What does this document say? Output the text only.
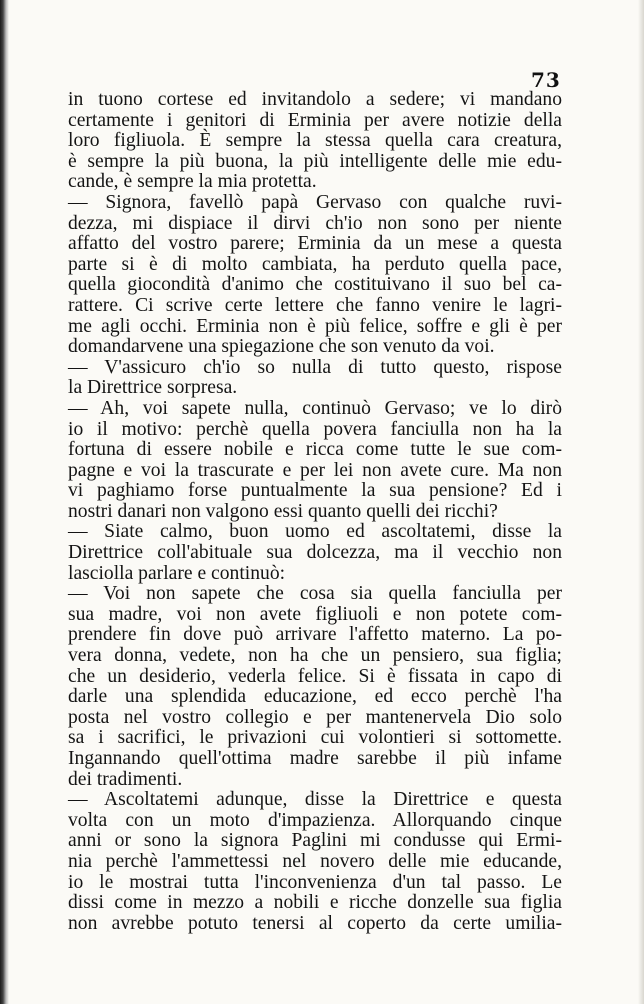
73
in tuono cortese ed invitandolo a sedere; vi mandano
certamente i genitori di Erminia per avere notizie della
loro figliuola. È sempre la stessa quella cara creatura,
è sempre la più buona, la più intelligente delle mie edu-
cande, è sempre la mia protetta.
— Signora, favellò papà Gervaso con qualche ruvi-
dezza, mi dispiace il dirvi ch'io non sono per niente
affatto del vostro parere; Erminia da un mese a questa
parte si è di molto cambiata, ha perduto quella pace,
quella giocondità d'animo che costituivano il suo bel ca-
rattere. Ci scrive certe lettere che fanno venire le lagri-
me agli occhi. Erminia non è più felice, soffre e gli è per
domandarvene una spiegazione che son venuto da voi.
— V'assicuro ch'io so nulla di tutto questo, rispose
la Direttrice sorpresa.
— Ah, voi sapete nulla, continuò Gervaso; ve lo dirò
io il motivo: perchè quella povera fanciulla non ha la
fortuna di essere nobile e ricca come tutte le sue com-
pagne e voi la trascurate e per lei non avete cure. Ma non
vi paghiamo forse puntualmente la sua pensione? Ed i
nostri danari non valgono essi quanto quelli dei ricchi?
— Siate calmo, buon uomo ed ascoltatemi, disse la
Direttrice coll'abituale sua dolcezza, ma il vecchio non
lasciolla parlare e continuò:
— Voi non sapete che cosa sia quella fanciulla per
sua madre, voi non avete figliuoli e non potete com-
prendere fin dove può arrivare l'affetto materno. La po-
vera donna, vedete, non ha che un pensiero, sua figlia;
che un desiderio, vederla felice. Si è fissata in capo di
darle una splendida educazione, ed ecco perchè l'ha
posta nel vostro collegio e per mantenervela Dio solo
sa i sacrifici, le privazioni cui volontieri si sottomette.
Ingannando quell'ottima madre sarebbe il più infame
dei tradimenti.
— Ascoltatemi adunque, disse la Direttrice e questa
volta con un moto d'impazienza. Allorquando cinque
anni or sono la signora Paglini mi condusse qui Ermi-
nia perchè l'ammettessi nel novero delle mie educande,
io le mostrai tutta l'inconvenienza d'un tal passo. Le
dissi come in mezzo a nobili e ricche donzelle sua figlia
non avrebbe potuto tenersi al coperto da certe umilia-
